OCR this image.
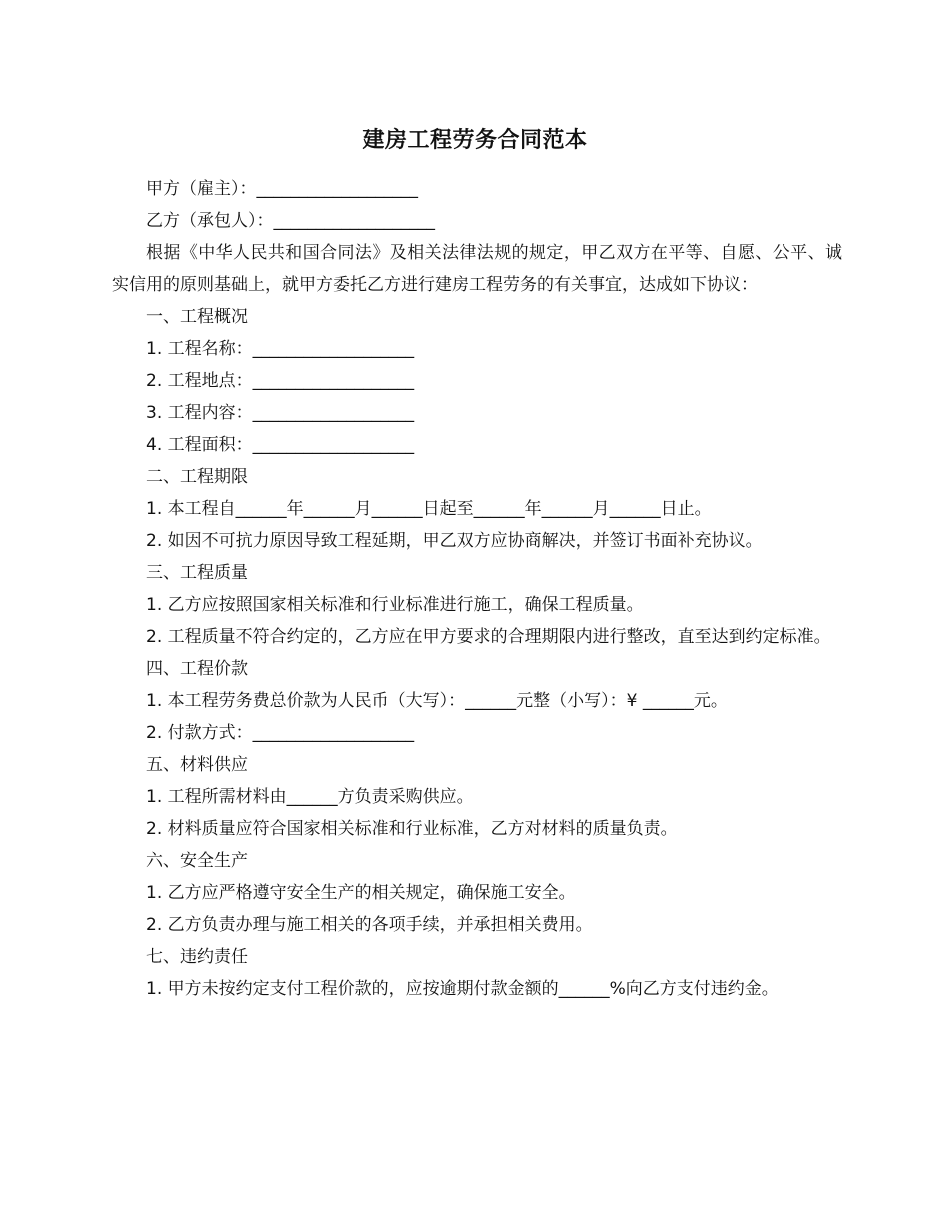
建房工程劳务合同范本

甲方（雇主）：___________________

乙方（承包人）：___________________

根据《中华人民共和国合同法》及相关法律法规的规定，甲乙双方在平等、自愿、公平、诚实信用的原则基础上，就甲方委托乙方进行建房工程劳务的有关事宜，达成如下协议：

一、工程概况

1. 工程名称：___________________

2. 工程地点：___________________

3. 工程内容：___________________

4. 工程面积：___________________

二、工程期限

1. 本工程自______年______月______日起至______年______月______日止。

2. 如因不可抗力原因导致工程延期，甲乙双方应协商解决，并签订书面补充协议。

三、工程质量

1. 乙方应按照国家相关标准和行业标准进行施工，确保工程质量。

2. 工程质量不符合约定的，乙方应在甲方要求的合理期限内进行整改，直至达到约定标准。

四、工程价款

1. 本工程劳务费总价款为人民币（大写）：______元整（小写）：¥ ______元。

2. 付款方式：___________________

五、材料供应

1. 工程所需材料由______方负责采购供应。

2. 材料质量应符合国家相关标准和行业标准，乙方对材料的质量负责。

六、安全生产

1. 乙方应严格遵守安全生产的相关规定，确保施工安全。

2. 乙方负责办理与施工相关的各项手续，并承担相关费用。

七、违约责任

1. 甲方未按约定支付工程价款的，应按逾期付款金额的______%向乙方支付违约金。
